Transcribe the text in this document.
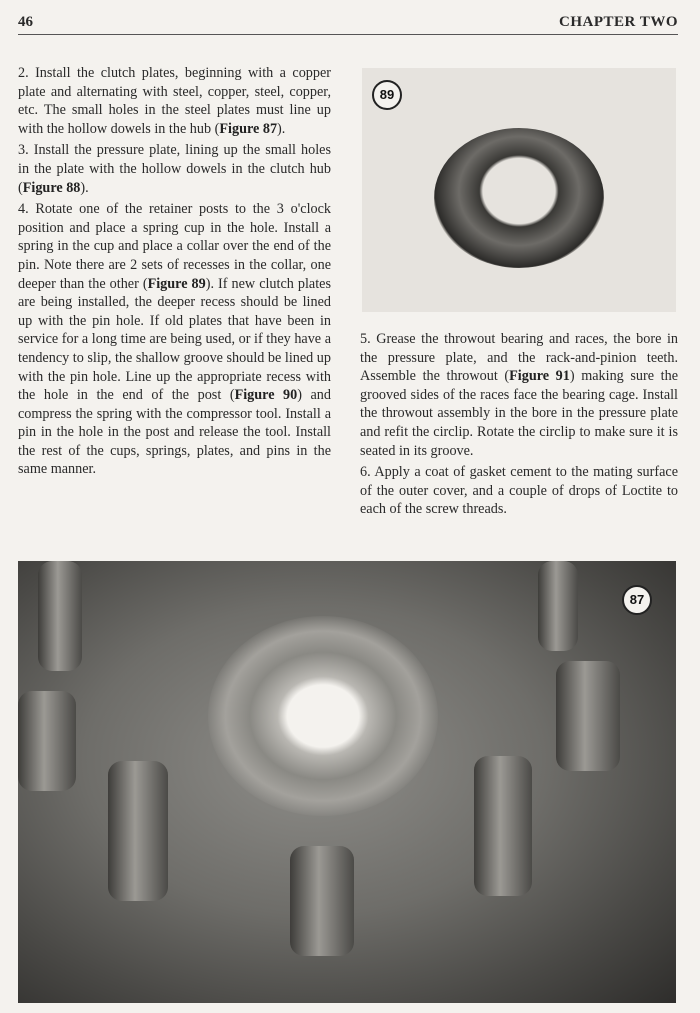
46	CHAPTER TWO

2. Install the clutch plates, beginning with a copper plate and alternating with steel, copper, steel, copper, etc. The small holes in the steel plates must line up with the hollow dowels in the hub (Figure 87).

3. Install the pressure plate, lining up the small holes in the plate with the hollow dowels in the clutch hub (Figure 88).

4. Rotate one of the retainer posts to the 3 o'clock position and place a spring cup in the hole. Install a spring in the cup and place a collar over the end of the pin. Note there are 2 sets of recesses in the collar, one deeper than the other (Figure 89). If new clutch plates are being installed, the deeper recess should be lined up with the pin hole. If old plates that have been in service for a long time are being used, or if they have a tendency to slip, the shallow groove should be lined up with the pin hole. Line up the appropriate recess with the hole in the end of the post (Figure 90) and compress the spring with the compressor tool. Install a pin in the hole in the post and release the tool. Install the rest of the cups, springs, plates, and pins in the same manner.

89

5. Grease the throwout bearing and races, the bore in the pressure plate, and the rack-and-pinion teeth. Assemble the throwout (Figure 91) making sure the grooved sides of the races face the bearing cage. Install the throwout assembly in the bore in the pressure plate and refit the circlip. Rotate the circlip to make sure it is seated in its groove.

6. Apply a coat of gasket cement to the mating surface of the outer cover, and a couple of drops of Loctite to each of the screw threads.

87
